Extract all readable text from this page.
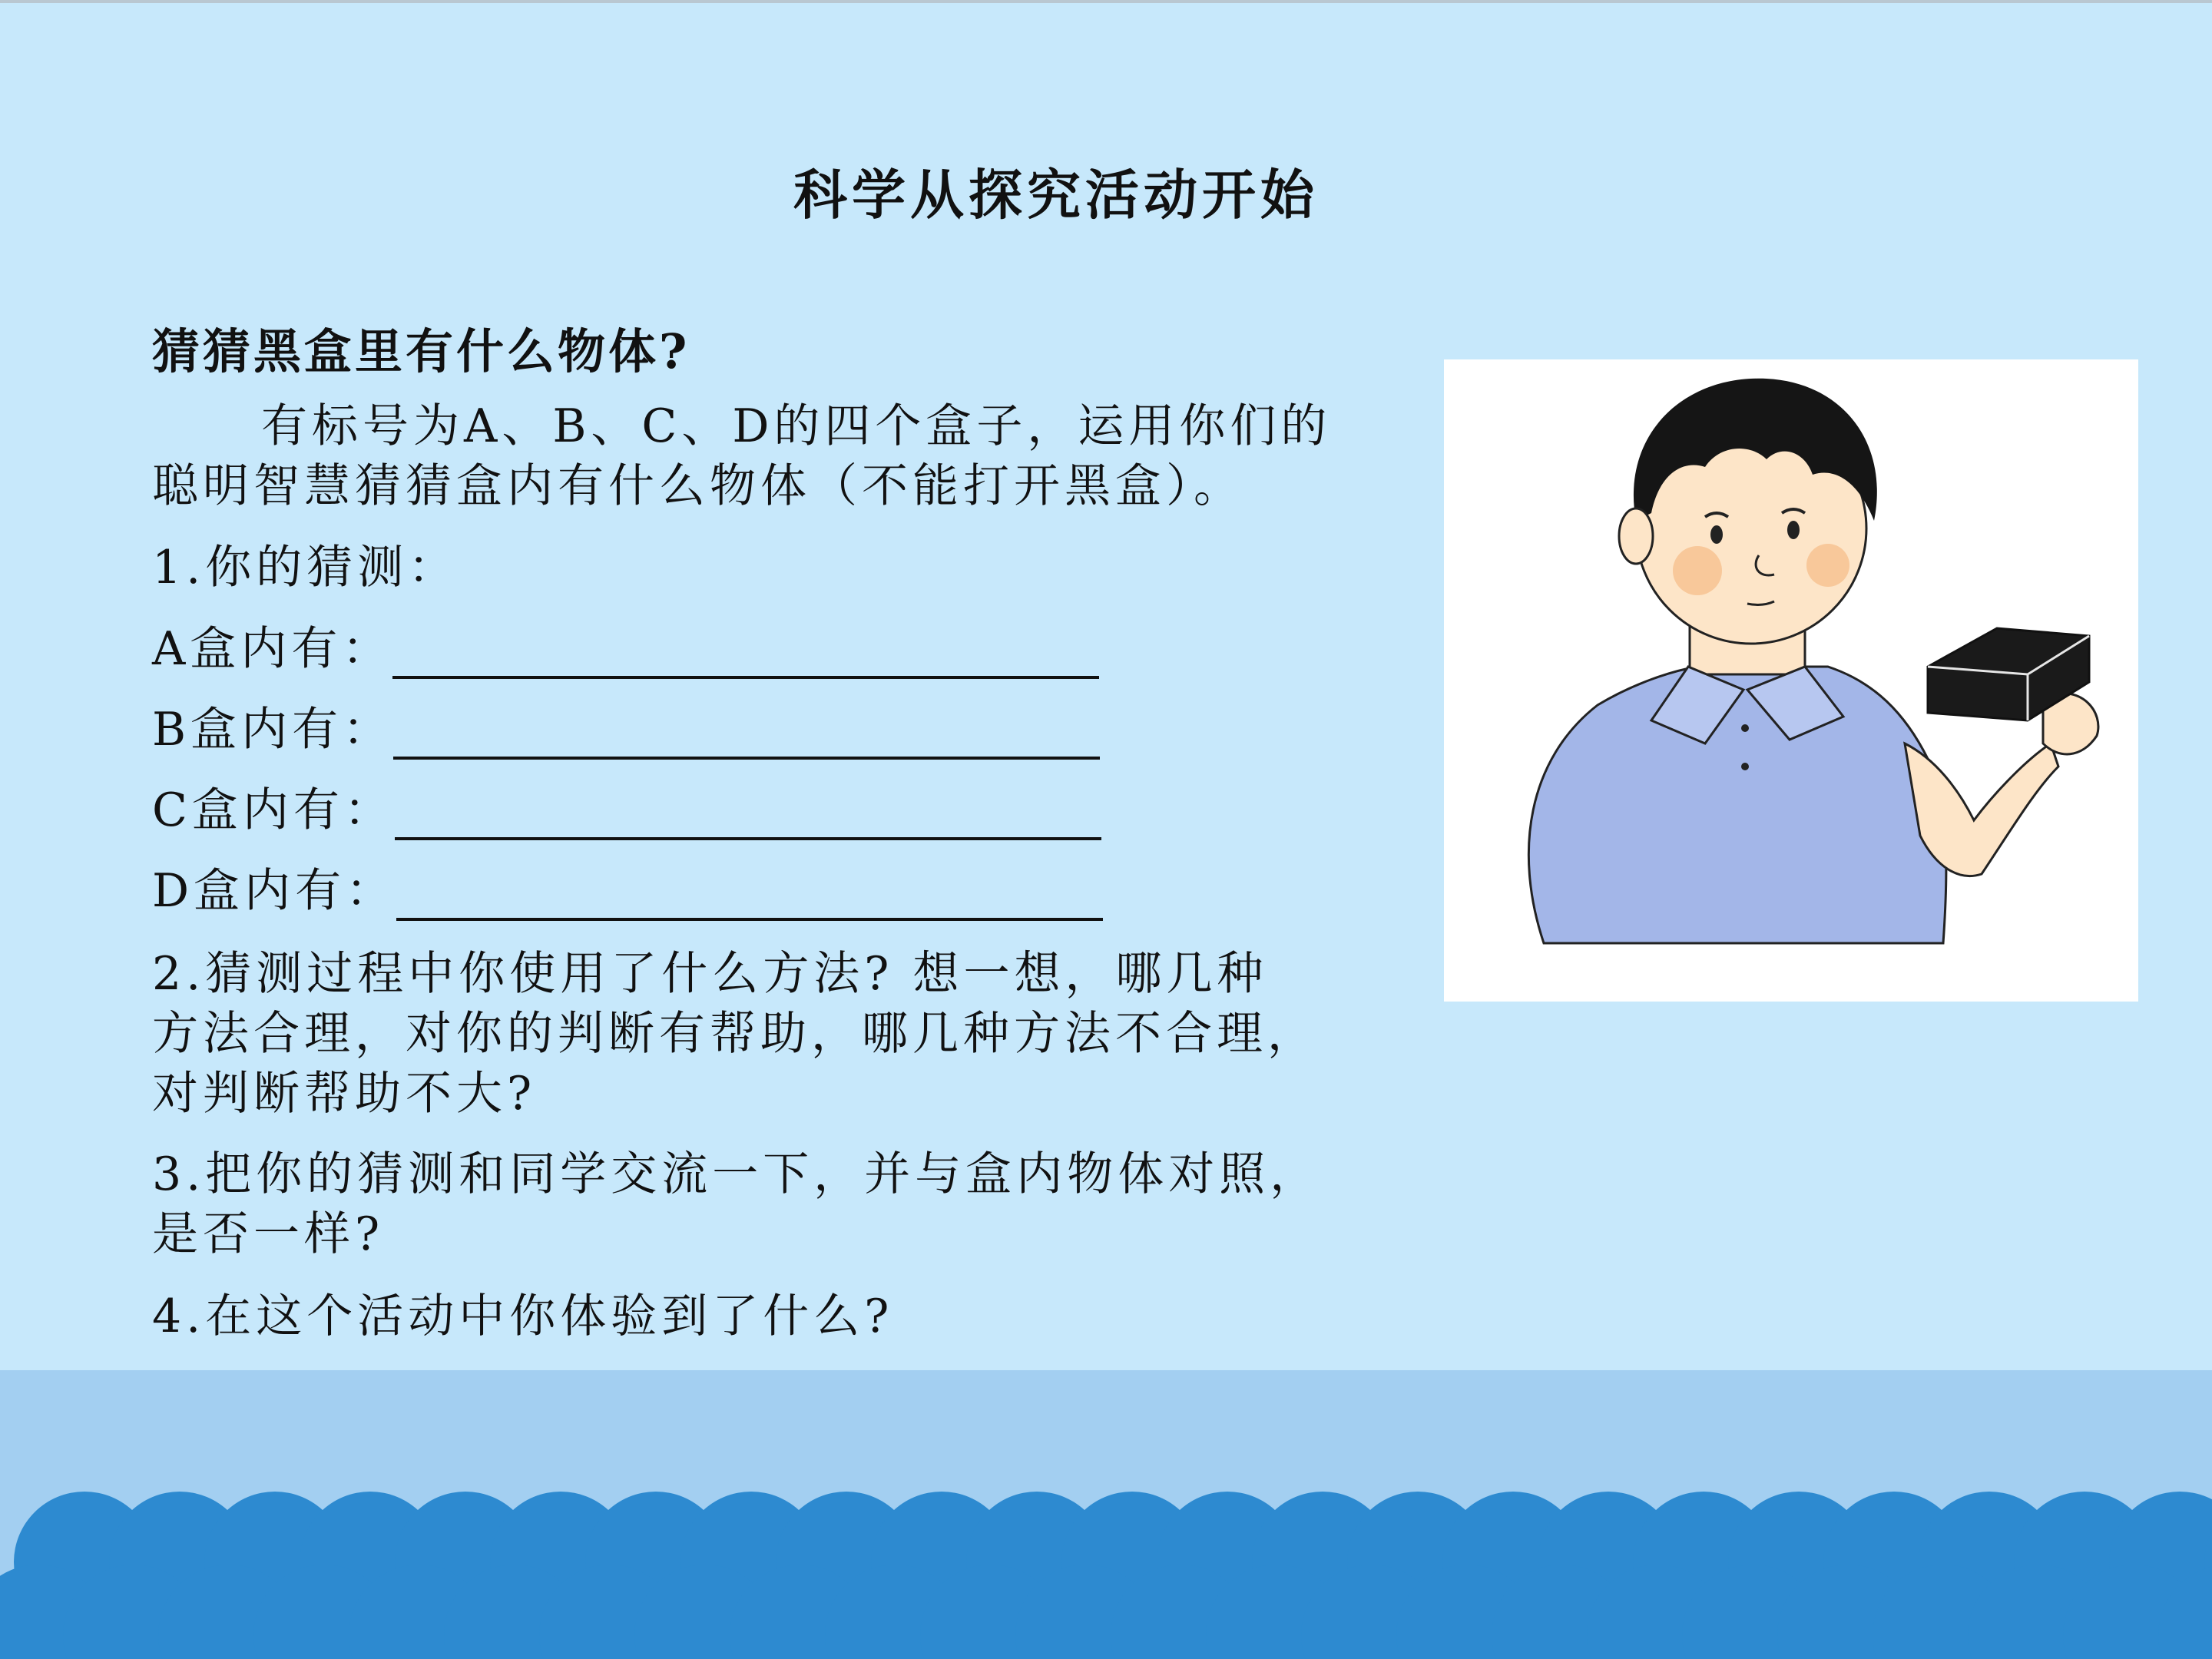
科学从探究活动开始
猜猜黑盒里有什么物体?
有标号为A、B、C、D的四个盒子，运用你们的
聪明智慧猜猜盒内有什么物体（不能打开黑盒）。
1.你的猜测：
A盒内有：
B盒内有：
C盒内有：
D盒内有：
2.猜测过程中你使用了什么方法? 想一想，哪几种
方法合理，对你的判断有帮助，哪几种方法不合理，
对判断帮助不大?
3.把你的猜测和同学交流一下，并与盒内物体对照，
是否一样?
4.在这个活动中你体验到了什么?
